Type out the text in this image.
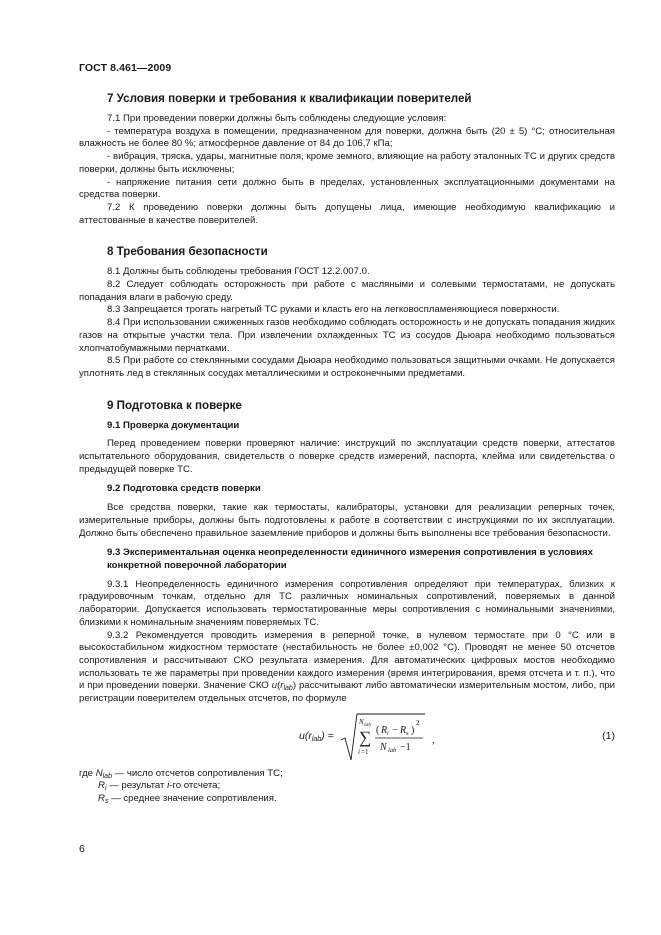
ГОСТ 8.461—2009
7 Условия поверки и требования к квалификации поверителей

7.1 При проведении поверки должны быть соблюдены следующие условия:

- температура воздуха в помещении, предназначенном для поверки, должна быть (20 ± 5) °С; относительная влажность не более 80 %; атмосферное давление от 84 до 106,7 кПа;

- вибрация, тряска, удары, магнитные поля, кроме земного, влияющие на работу эталонных ТС и других средств поверки, должны быть исключены;

- напряжение питания сети должно быть в пределах, установленных эксплуатационными документами на средства поверки.

7.2 К проведению поверки должны быть допущены лица, имеющие необходимую квалификацию и аттестованные в качестве поверителей.

8 Требования безопасности

8.1 Должны быть соблюдены требования ГОСТ 12.2.007.0.

8.2 Следует соблюдать осторожность при работе с масляными и солевыми термостатами, не допускать попадания влаги в рабочую среду.

8.3 Запрещается трогать нагретый ТС руками и класть его на легковоспламеняющиеся поверхности.

8.4 При использовании сжиженных газов необходимо соблюдать осторожность и не допускать попадания жидких газов на открытые участки тела. При извлечении охлажденных ТС из сосудов Дьюара необходимо пользоваться хлопчатобумажными перчатками.

8.5 При работе со стеклянными сосудами Дьюара необходимо пользоваться защитными очками. Не допускается уплотнять лед в стеклянных сосудах металлическими и остроконечными предметами.

9 Подготовка к поверке
9.1 Проверка документации

Перед проведением поверки проверяют наличие: инструкций по эксплуатации средств поверки, аттестатов испытательного оборудования, свидетельств о поверке средств измерений, паспорта, клейма или свидетельства о предыдущей поверке ТС.

9.2 Подготовка средств поверки

Все средства поверки, такие как термостаты, калибраторы, установки для реализации реперных точек, измерительные приборы, должны быть подготовлены к работе в соответствии с инструкциями по их эксплуатации. Должно быть обеспечено правильное заземление приборов и должны быть выполнены все требования безопасности.

9.3 Экспериментальная оценка неопределенности единичного измерения сопротивления в условиях конкретной поверочной лаборатории

9.3.1 Неопределенность единичного измерения сопротивления определяют при температурах, близких к градуировочным точкам, отдельно для ТС различных номинальных сопротивлений, поверяемых в данной лаборатории. Допускается использовать термостатированные меры сопротивления с номинальными значениями, близкими к номинальным значениям поверяемых ТС.

9.3.2 Рекомендуется проводить измерения в реперной точке, в нулевом термостате при 0 °С или в высокостабильном жидкостном термостате (нестабильность не более ±0,002 °С). Проводят не менее 50 отсчетов сопротивления и рассчитывают СКО результата измерения. Для автоматических цифровых мостов необходимо использовать те же параметры при проведении каждого измерения (время интегрирования, время отсчета и т. п.), что и при проведении поверки. Значение СКО $u(r_{lab})$ рассчитывают либо автоматически измерительным мостом, либо, при регистрации поверителем отдельных отсчетов, по формуле

$u(r_{lab})$ =
N lab
∑
i =1
( R i − R s )
2
N lab −1
,	(1)

где $N_{lab}$ — число отсчетов сопротивления ТС;

$R_i$ — результат i-го отсчета;

$R_s$ — среднее значение сопротивления.

6
